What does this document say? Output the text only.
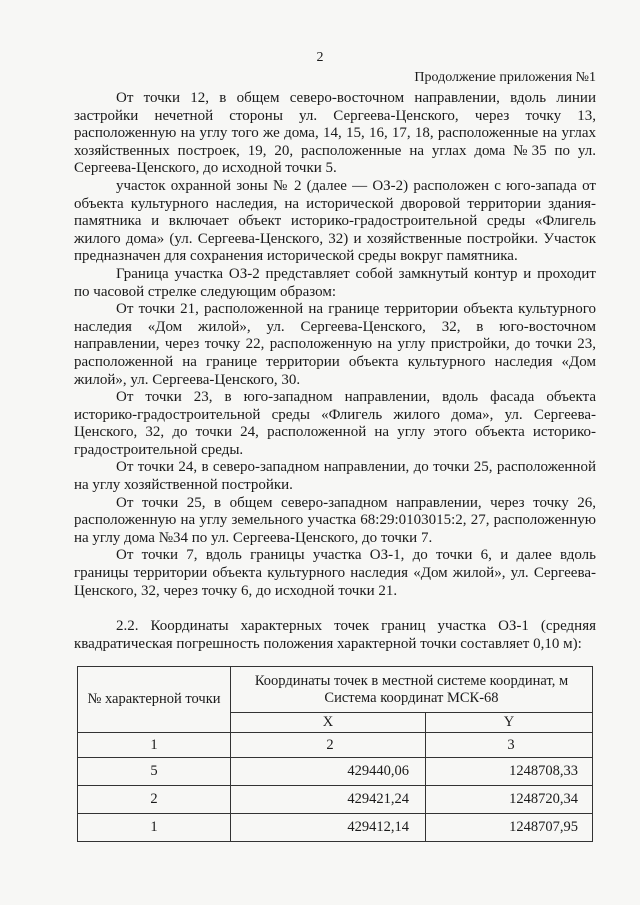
2
Продолжение приложения №1

От точки 12, в общем северо-восточном направлении, вдоль линии застройки нечетной стороны ул. Сергеева-Ценского, через точку 13, расположенную на углу того же дома, 14, 15, 16, 17, 18, расположенные на углах хозяйственных построек, 19, 20, расположенные на углах дома №35 по ул. Сергеева-Ценского, до исходной точки 5.

участок охранной зоны № 2 (далее — ОЗ-2) расположен с юго-запада от объекта культурного наследия, на исторической дворовой территории здания-памятника и включает объект историко-градостроительной среды «Флигель жилого дома» (ул. Сергеева-Ценского, 32) и хозяйственные постройки. Участок предназначен для сохранения исторической среды вокруг памятника.

Граница участка ОЗ-2 представляет собой замкнутый контур и проходит по часовой стрелке следующим образом:

От точки 21, расположенной на границе территории объекта культурного наследия «Дом жилой», ул. Сергеева-Ценского, 32, в юго-восточном направлении, через точку 22, расположенную на углу пристройки, до точки 23, расположенной на границе территории объекта культурного наследия «Дом жилой», ул. Сергеева-Ценского, 30.

От точки 23, в юго-западном направлении, вдоль фасада объекта историко-градостроительной среды «Флигель жилого дома», ул. Сергеева-Ценского, 32, до точки 24, расположенной на углу этого объекта историко-градостроительной среды.

От точки 24, в северо-западном направлении, до точки 25, расположенной на углу хозяйственной постройки.

От точки 25, в общем северо-западном направлении, через точку 26, расположенную на углу земельного участка 68:29:0103015:2, 27, расположенную на углу дома №34 по ул. Сергеева-Ценского, до точки 7.

От точки 7, вдоль границы участка ОЗ-1, до точки 6, и далее вдоль границы территории объекта культурного наследия «Дом жилой», ул. Сергеева-Ценского, 32, через точку 6, до исходной точки 21.

2.2. Координаты характерных точек границ участка ОЗ-1 (средняя квадратическая погрешность положения характерной точки составляет 0,10 м):

№ характерной точки	Координаты точек в местной системе координат, м
Система координат МСК-68	

	X	Y
1	2	3
5	429440,06	1248708,33
2	429421,24	1248720,34
1	429412,14	1248707,95
